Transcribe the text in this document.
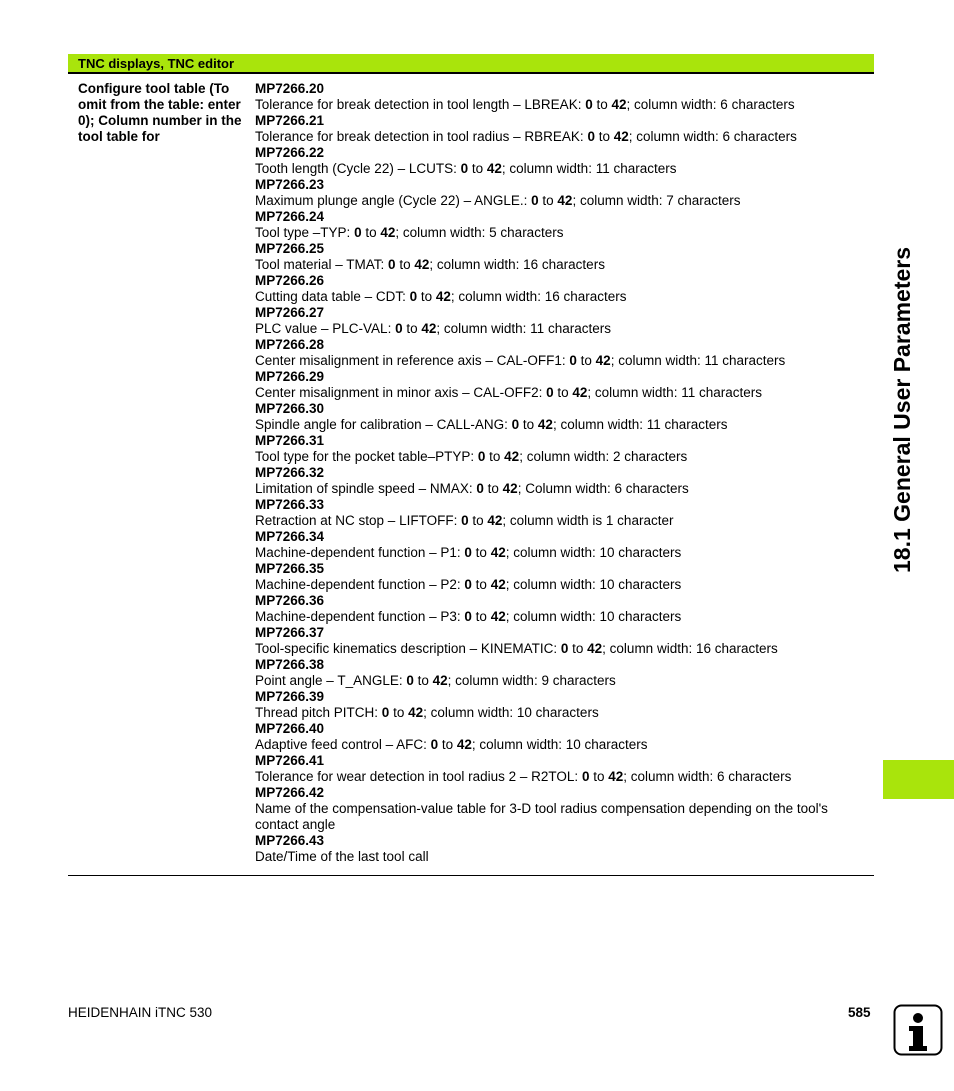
TNC displays, TNC editor
Configure tool table (To omit from the table: enter 0); Column number in the tool table for
MP7266.20
Tolerance for break detection in tool length – LBREAK: 0 to 42; column width: 6 characters
MP7266.21
Tolerance for break detection in tool radius – RBREAK: 0 to 42; column width: 6 characters
MP7266.22
Tooth length (Cycle 22) – LCUTS: 0 to 42; column width: 11 characters
MP7266.23
Maximum plunge angle (Cycle 22) – ANGLE.: 0 to 42; column width: 7 characters
MP7266.24
Tool type –TYP: 0 to 42; column width: 5 characters
MP7266.25
Tool material – TMAT: 0 to 42; column width: 16 characters
MP7266.26
Cutting data table – CDT: 0 to 42; column width: 16 characters
MP7266.27
PLC value – PLC-VAL: 0 to 42; column width: 11 characters
MP7266.28
Center misalignment in reference axis – CAL-OFF1: 0 to 42; column width: 11 characters
MP7266.29
Center misalignment in minor axis – CAL-OFF2: 0 to 42; column width: 11 characters
MP7266.30
Spindle angle for calibration – CALL-ANG: 0 to 42; column width: 11 characters
MP7266.31
Tool type for the pocket table–PTYP: 0 to 42; column width: 2 characters
MP7266.32
Limitation of spindle speed – NMAX: 0 to 42; Column width: 6 characters
MP7266.33
Retraction at NC stop – LIFTOFF: 0 to 42; column width is 1 character
MP7266.34
Machine-dependent function – P1: 0 to 42; column width: 10 characters
MP7266.35
Machine-dependent function – P2: 0 to 42; column width: 10 characters
MP7266.36
Machine-dependent function – P3: 0 to 42; column width: 10 characters
MP7266.37
Tool-specific kinematics description – KINEMATIC: 0 to 42; column width: 16 characters
MP7266.38
Point angle – T_ANGLE: 0 to 42; column width: 9 characters
MP7266.39
Thread pitch PITCH: 0 to 42; column width: 10 characters
MP7266.40
Adaptive feed control – AFC: 0 to 42; column width: 10 characters
MP7266.41
Tolerance for wear detection in tool radius 2 – R2TOL: 0 to 42; column width: 6 characters
MP7266.42
Name of the compensation-value table for 3-D tool radius compensation depending on the tool's contact angle
MP7266.43
Date/Time of the last tool call
18.1 General User Parameters
HEIDENHAIN iTNC 530	585
